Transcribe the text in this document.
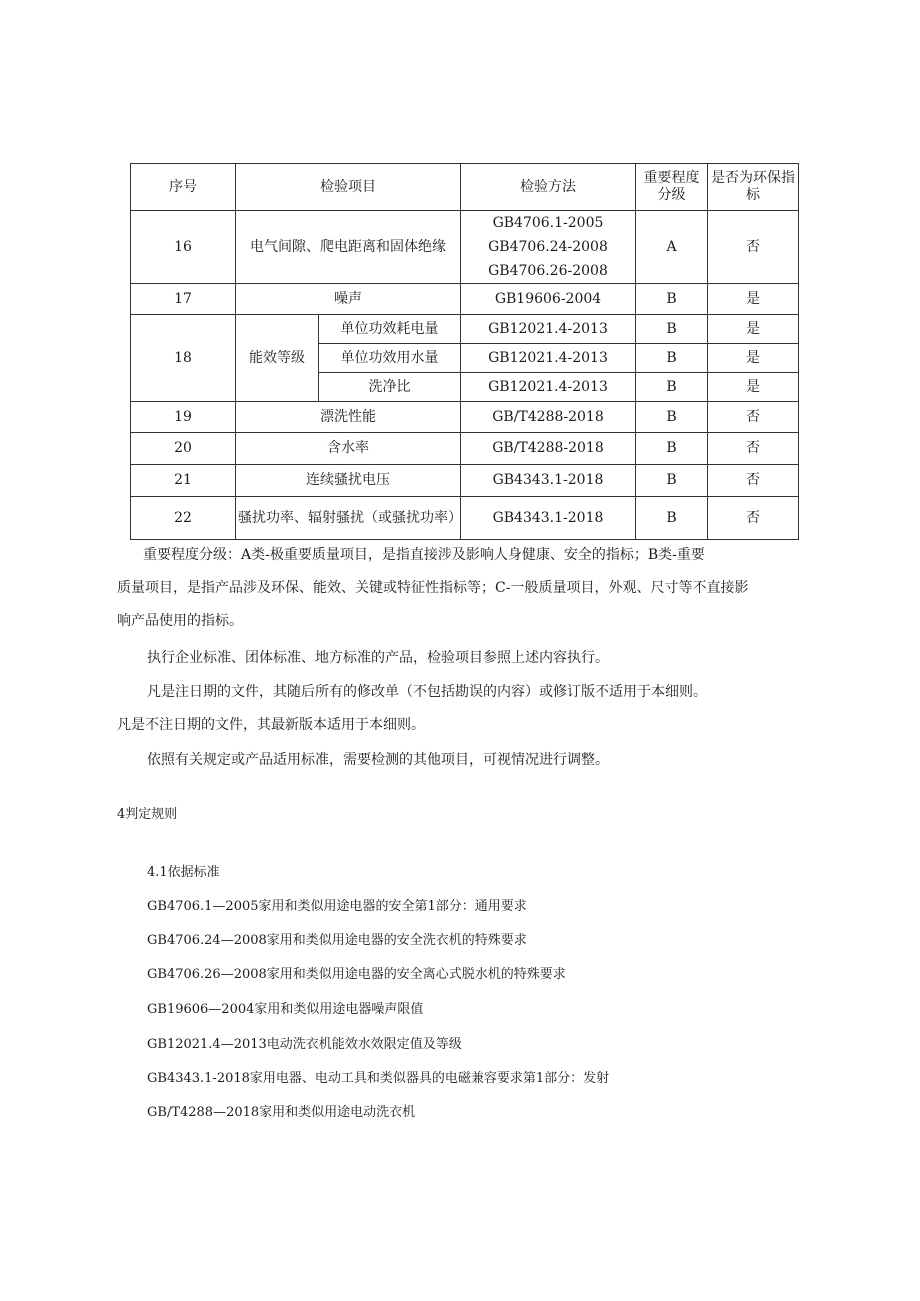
序号	检验项目		检验方法	重要程度分级	是否为环保指标
16	电气间隙、爬电距离和固体绝缘		GB4706.1-2005
GB4706.24-2008
GB4706.26-2008	A	否
17	噪声		GB19606-2004	B	是
18	能效等级	单位功效耗电量	GB12021.4-2013	B	是
		单位功效用水量	GB12021.4-2013	B	是
		洗净比	GB12021.4-2013	B	是
19	漂洗性能		GB/T4288-2018	B	否
20	含水率		GB/T4288-2018	B	否
21	连续骚扰电压		GB4343.1-2018	B	否
22	骚扰功率、辐射骚扰（或骚扰功率）		GB4343.1-2018	B	否
重要程度分级：A类-极重要质量项目，是指直接涉及影响人身健康、安全的指标；B类-重要
质量项目，是指产品涉及环保、能效、关键或特征性指标等；C-一般质量项目，外观、尺寸等不直接影
响产品使用的指标。
执行企业标准、团体标准、地方标准的产品，检验项目参照上述内容执行。
凡是注日期的文件，其随后所有的修改单（不包括勘误的内容）或修订版不适用于本细则。
凡是不注日期的文件，其最新版本适用于本细则。
依照有关规定或产品适用标准，需要检测的其他项目，可视情况进行调整。
4判定规则
4.1依据标准
GB4706.1—2005家用和类似用途电器的安全第1部分：通用要求
GB4706.24—2008家用和类似用途电器的安全洗衣机的特殊要求
GB4706.26—2008家用和类似用途电器的安全离心式脱水机的特殊要求
GB19606—2004家用和类似用途电器噪声限值
GB12021.4—2013电动洗衣机能效水效限定值及等级
GB4343.1-2018家用电器、电动工具和类似器具的电磁兼容要求第1部分：发射
GB/T4288—2018家用和类似用途电动洗衣机
